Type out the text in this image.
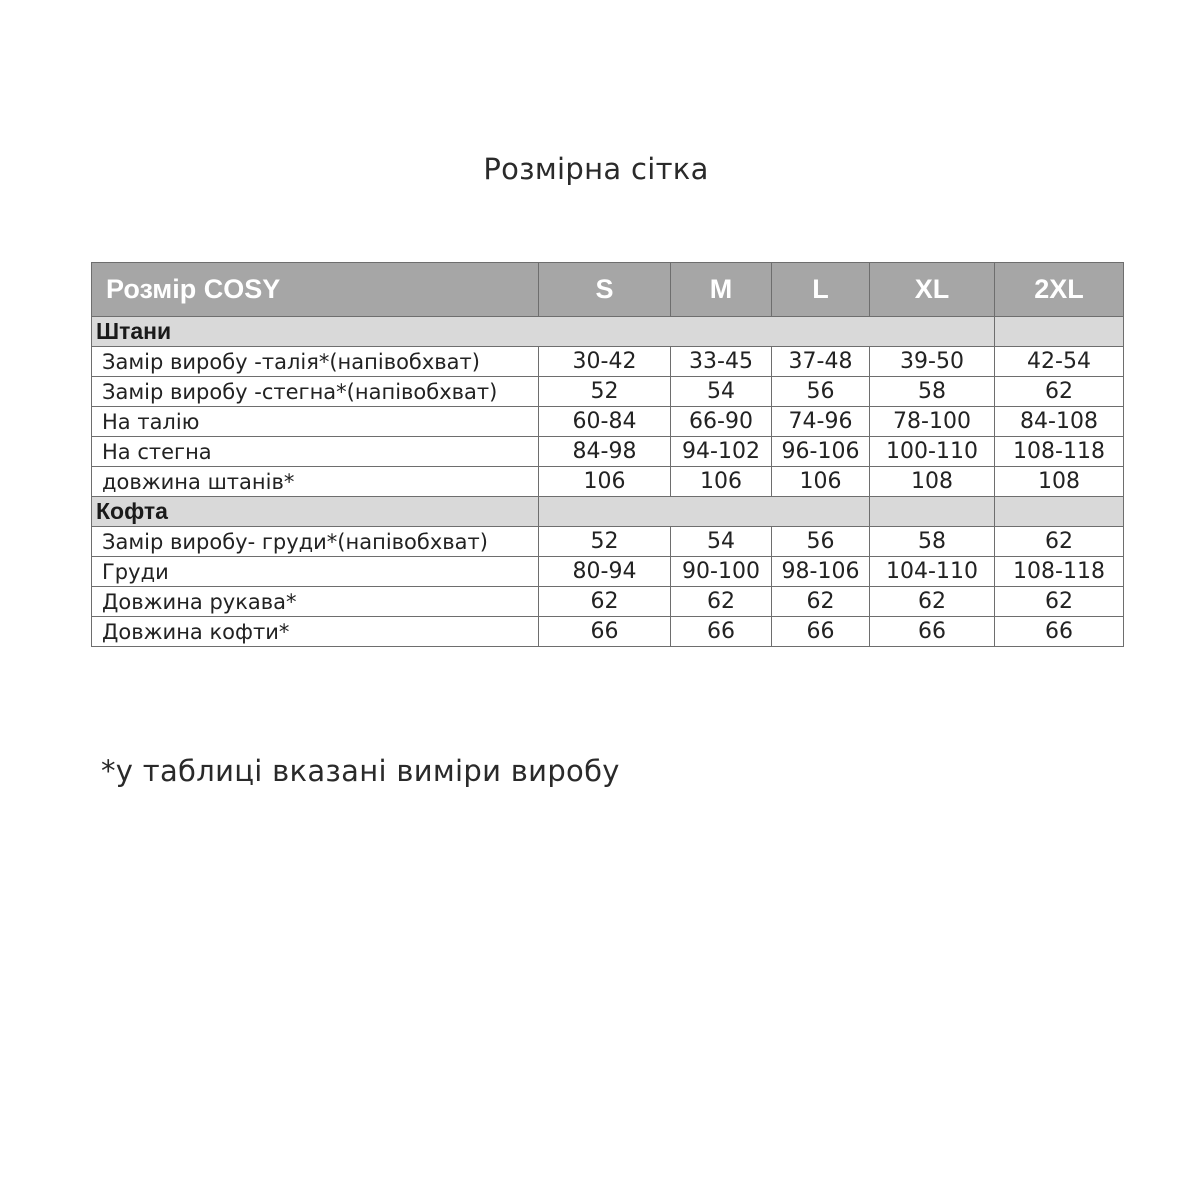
Розмірна сітка
Розмір COSY	S	M	L	XL	2XL
Штани					
Замір виробу -талія*(напівобхват)	30-42	33-45	37-48	39-50	42-54
Замір виробу -стегна*(напівобхват)	52	54	56	58	62
На талію	60-84	66-90	74-96	78-100	84-108
На стегна	84-98	94-102	96-106	100-110	108-118
довжина штанів*	106	106	106	108	108
Кофта					
Замір виробу- груди*(напівобхват)	52	54	56	58	62
Груди	80-94	90-100	98-106	104-110	108-118
Довжина рукава*	62	62	62	62	62
Довжина кофти*	66	66	66	66	66
*у таблиці вказані виміри виробу
